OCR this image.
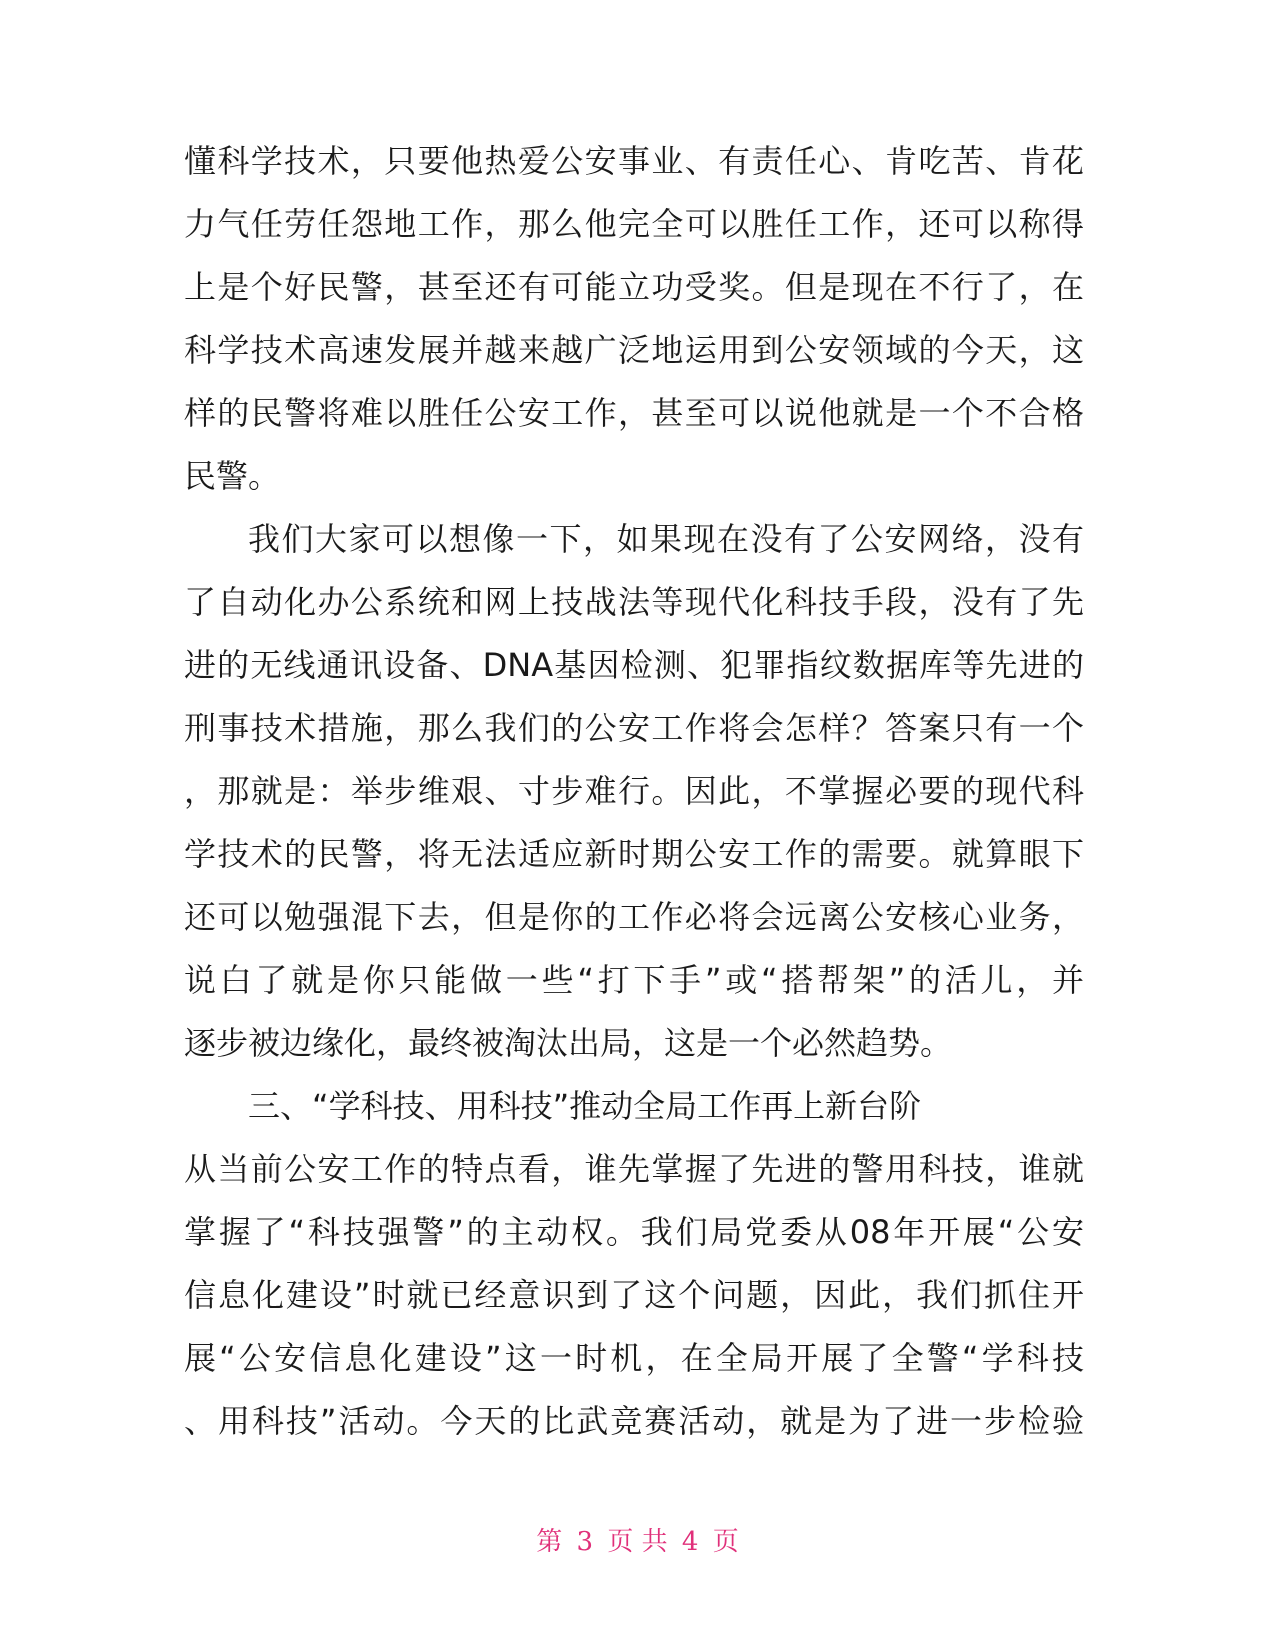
懂科学技术，只要他热爱公安事业、有责任心、肯吃苦、肯花
力气任劳任怨地工作，那么他完全可以胜任工作，还可以称得
上是个好民警，甚至还有可能立功受奖。但是现在不行了，在
科学技术高速发展并越来越广泛地运用到公安领域的今天，这
样的民警将难以胜任公安工作，甚至可以说他就是一个不合格
民警。
我们大家可以想像一下，如果现在没有了公安网络，没有
了自动化办公系统和网上技战法等现代化科技手段，没有了先
进的无线通讯设备、DNA基因检测、犯罪指纹数据库等先进的
刑事技术措施，那么我们的公安工作将会怎样？答案只有一个
，那就是：举步维艰、寸步难行。因此，不掌握必要的现代科
学技术的民警，将无法适应新时期公安工作的需要。就算眼下
还可以勉强混下去，但是你的工作必将会远离公安核心业务，
说白了就是你只能做一些“打下手”或“搭帮架”的活儿，并
逐步被边缘化，最终被淘汰出局，这是一个必然趋势。
三、“学科技、用科技”推动全局工作再上新台阶
从当前公安工作的特点看，谁先掌握了先进的警用科技，谁就
掌握了“科技强警”的主动权。我们局党委从08年开展“公安
信息化建设”时就已经意识到了这个问题，因此，我们抓住开
展“公安信息化建设”这一时机，在全局开展了全警“学科技
、用科技”活动。今天的比武竞赛活动，就是为了进一步检验
第 3 页 共 4 页
